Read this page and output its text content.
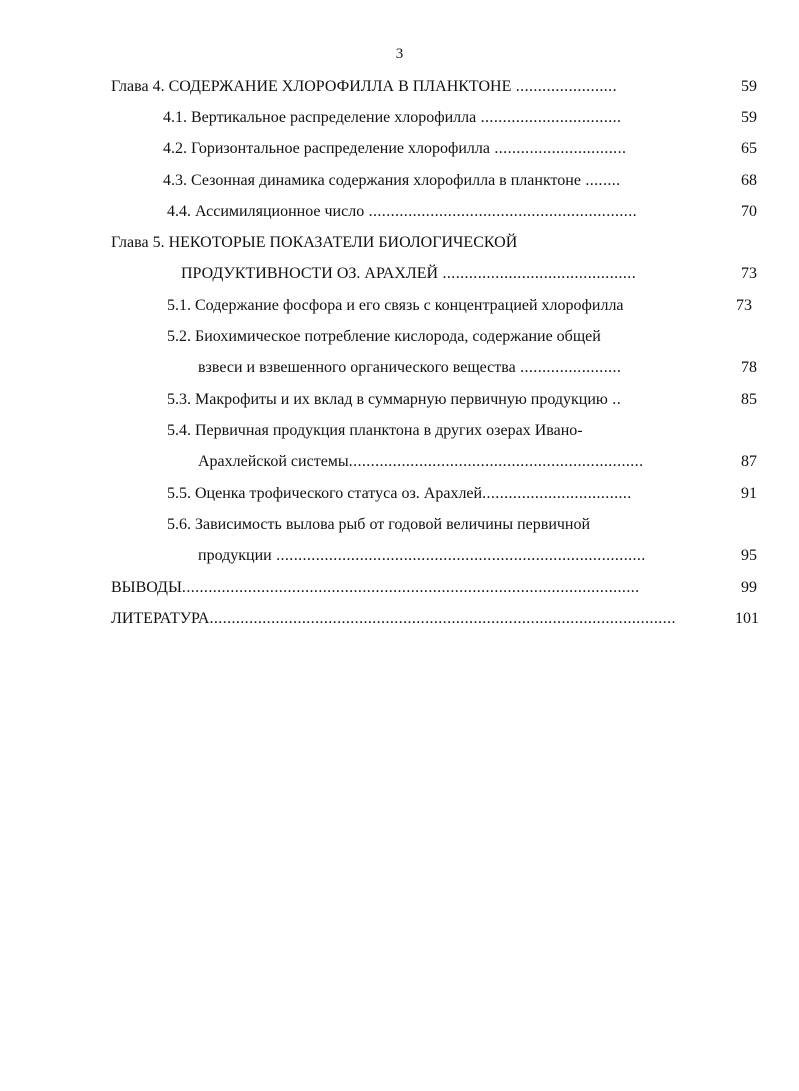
3
Глава 4. СОДЕРЖАНИЕ ХЛОРОФИЛЛА В ПЛАНКТОНЕ .......................	59
4.1. Вертикальное распределение хлорофилла ................................	59
4.2. Горизонтальное распределение хлорофилла ..............................	65
4.3. Сезонная динамика содержания хлорофилла в планктоне ........	68
4.4. Ассимиляционное число .............................................................	70
Глава 5. НЕКОТОРЫЕ ПОКАЗАТЕЛИ БИОЛОГИЧЕСКОЙ
ПРОДУКТИВНОСТИ ОЗ. АРАХЛЕЙ ............................................	73
5.1. Содержание фосфора и его связь с концентрацией хлорофилла	73
5.2. Биохимическое потребление кислорода, содержание общей
взвеси и взвешенного органического вещества .......................	78
5.3. Макрофиты и их вклад в суммарную первичную продукцию ..	85
5.4. Первичная продукция планктона в других озерах Ивано-
Арахлейской системы...................................................................	87
5.5. Оценка трофического статуса оз. Арахлей..................................	91
5.6. Зависимость вылова рыб от годовой величины первичной
продукции ....................................................................................	95
ВЫВОДЫ........................................................................................................	99
ЛИТЕРАТУРА..........................................................................................................	101
